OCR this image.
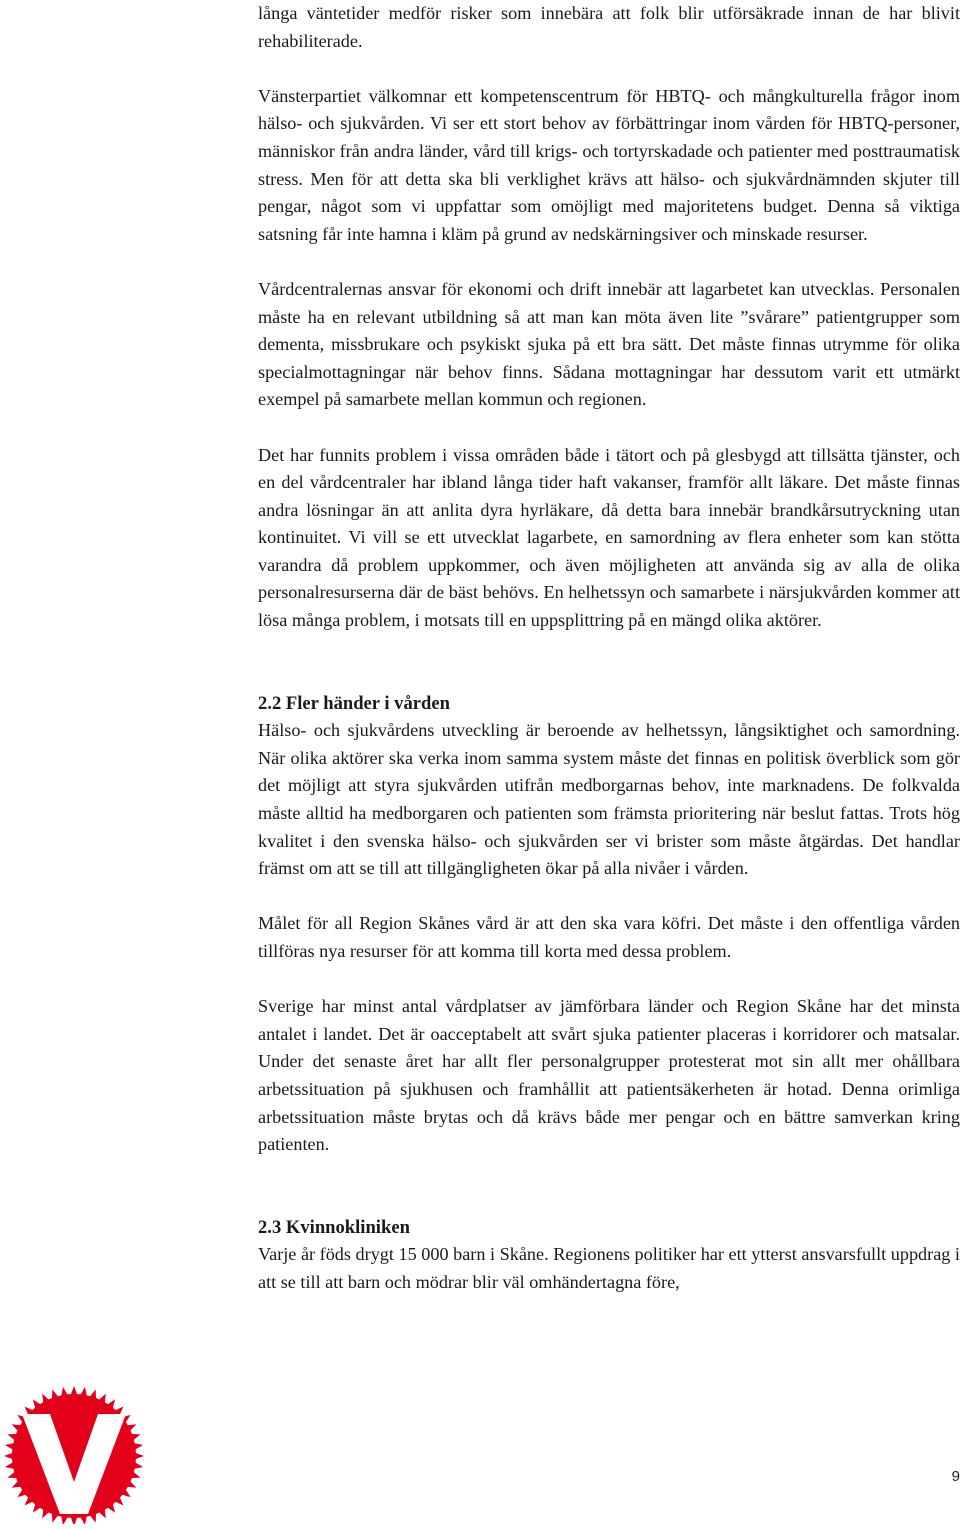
långa väntetider medför risker som innebära att folk blir utförsäkrade innan de har blivit rehabiliterade.

Vänsterpartiet välkomnar ett kompetenscentrum för HBTQ- och mångkulturella frågor inom hälso- och sjukvården. Vi ser ett stort behov av förbättringar inom vården för HBTQ-personer, människor från andra länder, vård till krigs- och tortyrskadade och patienter med posttraumatisk stress. Men för att detta ska bli verklighet krävs att hälso- och sjukvårdnämnden skjuter till pengar, något som vi uppfattar som omöjligt med majoritetens budget. Denna så viktiga satsning får inte hamna i kläm på grund av nedskärningsiver och minskade resurser.

Vårdcentralernas ansvar för ekonomi och drift innebär att lagarbetet kan utvecklas. Personalen måste ha en relevant utbildning så att man kan möta även lite ”svårare” patientgrupper som dementa, missbrukare och psykiskt sjuka på ett bra sätt. Det måste finnas utrymme för olika specialmottagningar när behov finns. Sådana mottagningar har dessutom varit ett utmärkt exempel på samarbete mellan kommun och regionen.

Det har funnits problem i vissa områden både i tätort och på glesbygd att tillsätta tjänster, och en del vårdcentraler har ibland långa tider haft vakanser, framför allt läkare. Det måste finnas andra lösningar än att anlita dyra hyrläkare, då detta bara innebär brandkårsutryckning utan kontinuitet. Vi vill se ett utvecklat lagarbete, en samordning av flera enheter som kan stötta varandra då problem uppkommer, och även möjligheten att använda sig av alla de olika personalresurserna där de bäst behövs. En helhetssyn och samarbete i närsjukvården kommer att lösa många problem, i motsats till en uppsplittring på en mängd olika aktörer.

2.2 Fler händer i vården

Hälso- och sjukvårdens utveckling är beroende av helhetssyn, långsiktighet och samordning. När olika aktörer ska verka inom samma system måste det finnas en politisk överblick som gör det möjligt att styra sjukvården utifrån medborgarnas behov, inte marknadens. De folkvalda måste alltid ha medborgaren och patienten som främsta prioritering när beslut fattas. Trots hög kvalitet i den svenska hälso- och sjukvården ser vi brister som måste åtgärdas. Det handlar främst om att se till att tillgängligheten ökar på alla nivåer i vården.

Målet för all Region Skånes vård är att den ska vara köfri. Det måste i den offentliga vården tillföras nya resurser för att komma till korta med dessa problem.

Sverige har minst antal vårdplatser av jämförbara länder och Region Skåne har det minsta antalet i landet. Det är oacceptabelt att svårt sjuka patienter placeras i korridorer och matsalar. Under det senaste året har allt fler personalgrupper protesterat mot sin allt mer ohållbara arbetssituation på sjukhusen och framhållit att patientsäkerheten är hotad. Denna orimliga arbetssituation måste brytas och då krävs både mer pengar och en bättre samverkan kring patienten.

2.3 Kvinnokliniken

Varje år föds drygt 15 000 barn i Skåne. Regionens politiker har ett ytterst ansvarsfullt uppdrag i att se till att barn och mödrar blir väl omhändertagna före,

9
